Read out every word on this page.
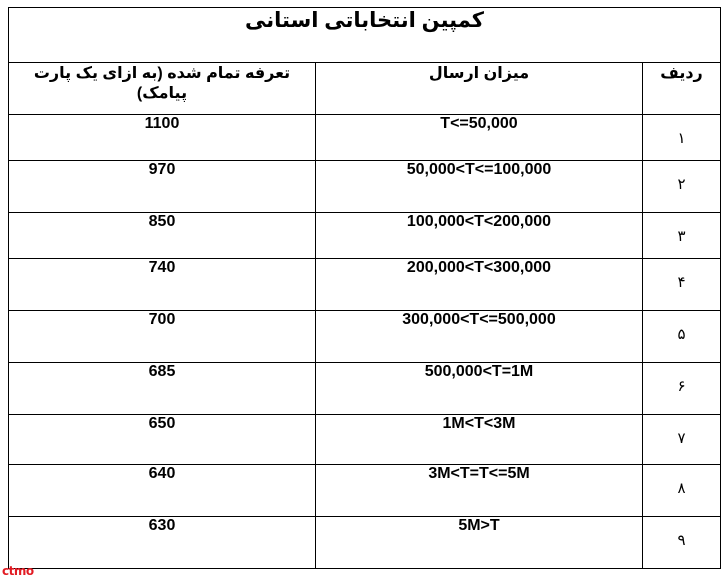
کمپین انتخاباتی استانی		
تعرفه تمام شده (به ازای یک پارت پیامک)	میزان ارسال	ردیف
1100	T<=50,000	۱
970	50,000<T<=100,000	۲
850	100,000<T<200,000	۳
740	200,000<T<300,000	۴
700	300,000<T<=500,000	۵
685	500,000<T=1M	۶
650	1M<T<3M	۷
640	3M<T=T<=5M	۸
630	5M>T	۹
ctmo
